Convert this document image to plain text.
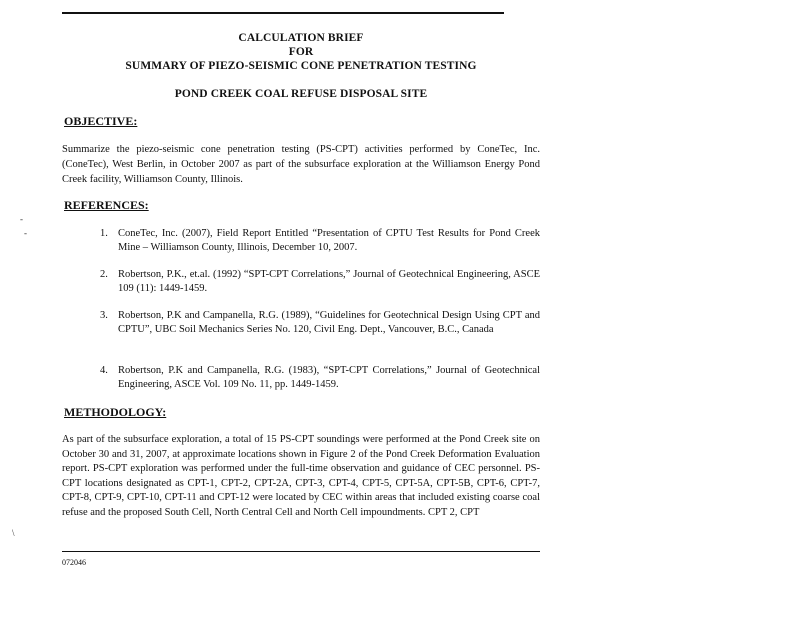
CALCULATION BRIEF
FOR
SUMMARY OF PIEZO-SEISMIC CONE PENETRATION TESTING
POND CREEK COAL REFUSE DISPOSAL SITE
OBJECTIVE:
Summarize the piezo-seismic cone penetration testing (PS-CPT) activities performed by ConeTec, Inc. (ConeTec), West Berlin, in October 2007 as part of the subsurface exploration at the Williamson Energy Pond Creek facility, Williamson County, Illinois.
REFERENCES:
1. ConeTec, Inc. (2007), Field Report Entitled “Presentation of CPTU Test Results for Pond Creek Mine – Williamson County, Illinois, December 10, 2007.
2. Robertson, P.K., et.al. (1992) “SPT-CPT Correlations,” Journal of Geotechnical Engineering, ASCE 109 (11): 1449-1459.
3. Robertson, P.K and Campanella, R.G. (1989), “Guidelines for Geotechnical Design Using CPT and CPTU”, UBC Soil Mechanics Series No. 120, Civil Eng. Dept., Vancouver, B.C., Canada
4. Robertson, P.K and Campanella, R.G. (1983), “SPT-CPT Correlations,” Journal of Geotechnical Engineering, ASCE Vol. 109 No. 11, pp. 1449-1459.
METHODOLOGY:
As part of the subsurface exploration, a total of 15 PS-CPT soundings were performed at the Pond Creek site on October 30 and 31, 2007, at approximate locations shown in Figure 2 of the Pond Creek Deformation Evaluation report. PS-CPT exploration was performed under the full-time observation and guidance of CEC personnel. PS-CPT locations designated as CPT-1, CPT-2, CPT-2A, CPT-3, CPT-4, CPT-5, CPT-5A, CPT-5B, CPT-6, CPT-7, CPT-8, CPT-9, CPT-10, CPT-11 and CPT-12 were located by CEC within areas that included existing coarse coal refuse and the proposed South Cell, North Central Cell and North Cell impoundments. CPT 2, CPT
072046
-
-
\
